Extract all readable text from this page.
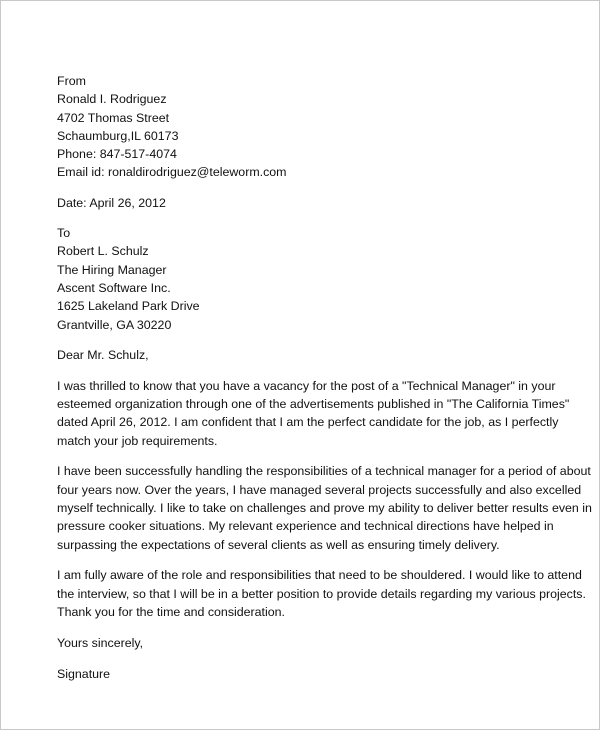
From
Ronald I. Rodriguez
4702 Thomas Street
Schaumburg,IL 60173
Phone: 847-517-4074
Email id: ronaldirodriguez@teleworm.com
Date: April 26, 2012
To
Robert L. Schulz
The Hiring Manager
Ascent Software Inc.
1625 Lakeland Park Drive
Grantville, GA 30220
Dear Mr. Schulz,
I was thrilled to know that you have a vacancy for the post of a "Technical Manager" in your
esteemed organization through one of the advertisements published in "The California Times"
dated April 26, 2012. I am confident that I am the perfect candidate for the job, as I perfectly
match your job requirements.
I have been successfully handling the responsibilities of a technical manager for a period of about
four years now. Over the years, I have managed several projects successfully and also excelled
myself technically. I like to take on challenges and prove my ability to deliver better results even in
pressure cooker situations. My relevant experience and technical directions have helped in
surpassing the expectations of several clients as well as ensuring timely delivery.
I am fully aware of the role and responsibilities that need to be shouldered. I would like to attend
the interview, so that I will be in a better position to provide details regarding my various projects.
Thank you for the time and consideration.
Yours sincerely,
Signature
